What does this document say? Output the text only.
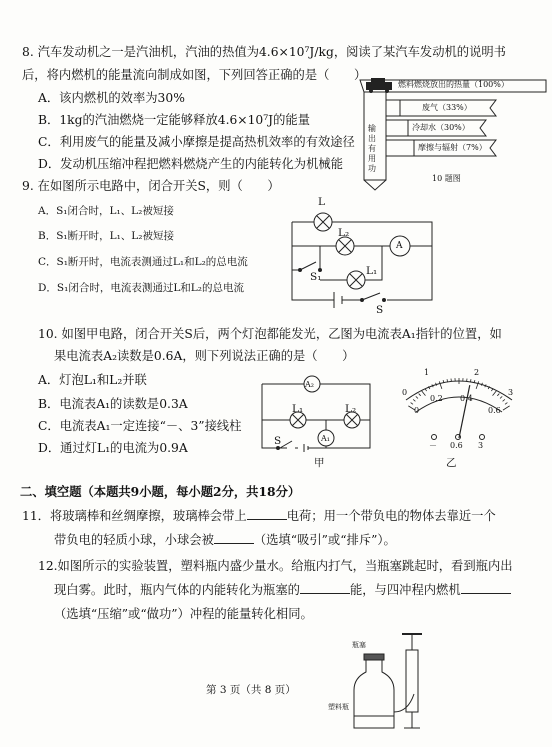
8. 汽车发动机之一是汽油机，汽油的热值为4.6×10⁷J/kg，阅读了某汽车发动机的说明书
后，将内燃机的能量流向制成如图，下列回答正确的是（　　）
A．该内燃机的效率为30%
B．1kg的汽油燃烧一定能够释放4.6×10⁷J的能量
C．利用废气的能量及减小摩擦是提高热机效率的有效途径
D．发动机压缩冲程把燃料燃烧产生的内能转化为机械能
燃料燃烧放出的热量（100%）
废气（33%）
冷却水（30%）
摩擦与辐射（7%）
输出有用功
10 题图
9. 在如图所示电路中，闭合开关S，则（　　）
A．S₁闭合时，L₁、L₂被短接
B．S₁断开时，L₁、L₂被短接
C．S₁断开时，电流表测通过L₁和L₂的总电流
D．S₁闭合时，电流表测通过L和L₂的总电流
L
L₂
A
L₁
S₁
S
10. 如图甲电路，闭合开关S后，两个灯泡都能发光，乙图为电流表A₁指针的位置，如
果电流表A₂读数是0.6A，则下列说法正确的是（　　）
A．灯泡L₁和L₂并联
B．电流表A₁的读数是0.3A
C．电流表A₁一定连接“－、3”接线柱
D．通过灯L₁的电流为0.9A
A₂
L₁	L₂
A₁
S
甲
0
1	2
3
0
0.2 0.4
0.6
－ 0.6 3
乙
二、填空题（本题共9小题，每小题2分，共18分）
11．将玻璃棒和丝绸摩擦，玻璃棒会带上	电荷；用一个带负电的物体去靠近一个
带负电的轻质小球，小球会被	（选填“吸引”或“排斥”）。
12.如图所示的实验装置，塑料瓶内盛少量水。给瓶内打气，当瓶塞跳起时，看到瓶内出
现白雾。此时，瓶内气体的内能转化为瓶塞的	能，与四冲程内燃机
（选填“压缩”或“做功”）冲程的能量转化相同。
瓶塞
塑料瓶
第 3 页（共 8 页）
